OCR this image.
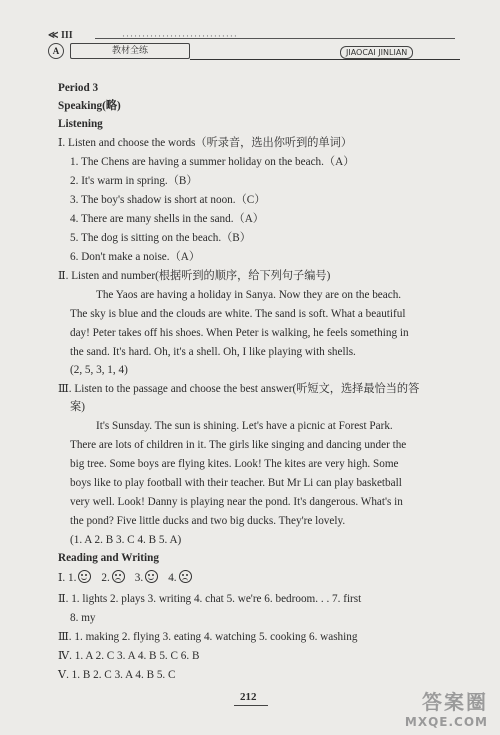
≪ III	·····························
A	教材全练	JIAOCAI JINLIAN
Period 3
Speaking(略)
Listening
Ⅰ. Listen and choose the words（听录音，选出你听到的单词）
1. The Chens are having a summer holiday on the beach.（A）
2. It's warm in spring.（B）
3. The boy's shadow is short at noon.（C）
4. There are many shells in the sand.（A）
5. The dog is sitting on the beach.（B）
6. Don't make a noise.（A）
Ⅱ. Listen and number(根据听到的顺序，给下列句子编号)
The Yaos are having a holiday in Sanya. Now they are on the beach.
The sky is blue and the clouds are white. The sand is soft. What a beautiful
day! Peter takes off his shoes. When Peter is walking, he feels something in
the sand. It's hard. Oh, it's a shell. Oh, I like playing with shells.
(2, 5, 3, 1, 4)
Ⅲ. Listen to the passage and choose the best answer(听短文，选择最恰当的答
案)
It's Sunsday. The sun is shining. Let's have a picnic at Forest Park.
There are lots of children in it. The girls like singing and dancing under the
big tree. Some boys are flying kites. Look! The kites are very high. Some
boys like to play football with their teacher. But Mr Li can play basketball
very well. Look! Danny is playing near the pond. It's dangerous. What's in
the pond? Five little ducks and two big ducks. They're lovely.
(1. A 2. B 3. C 4. B 5. A)
Reading and Writing
Ⅱ. 1. lights 2. plays 3. writing 4. chat 5. we're 6. bedroom. . . 7. first
8. my
Ⅲ. 1. making 2. flying 3. eating 4. watching 5. cooking 6. washing
Ⅳ. 1. A 2. C 3. A 4. B 5. C 6. B
Ⅴ. 1. B 2. C 3. A 4. B 5. C
Ⅰ. 1. 2. 3. 4.
212	答案圈
MXQE.COM
